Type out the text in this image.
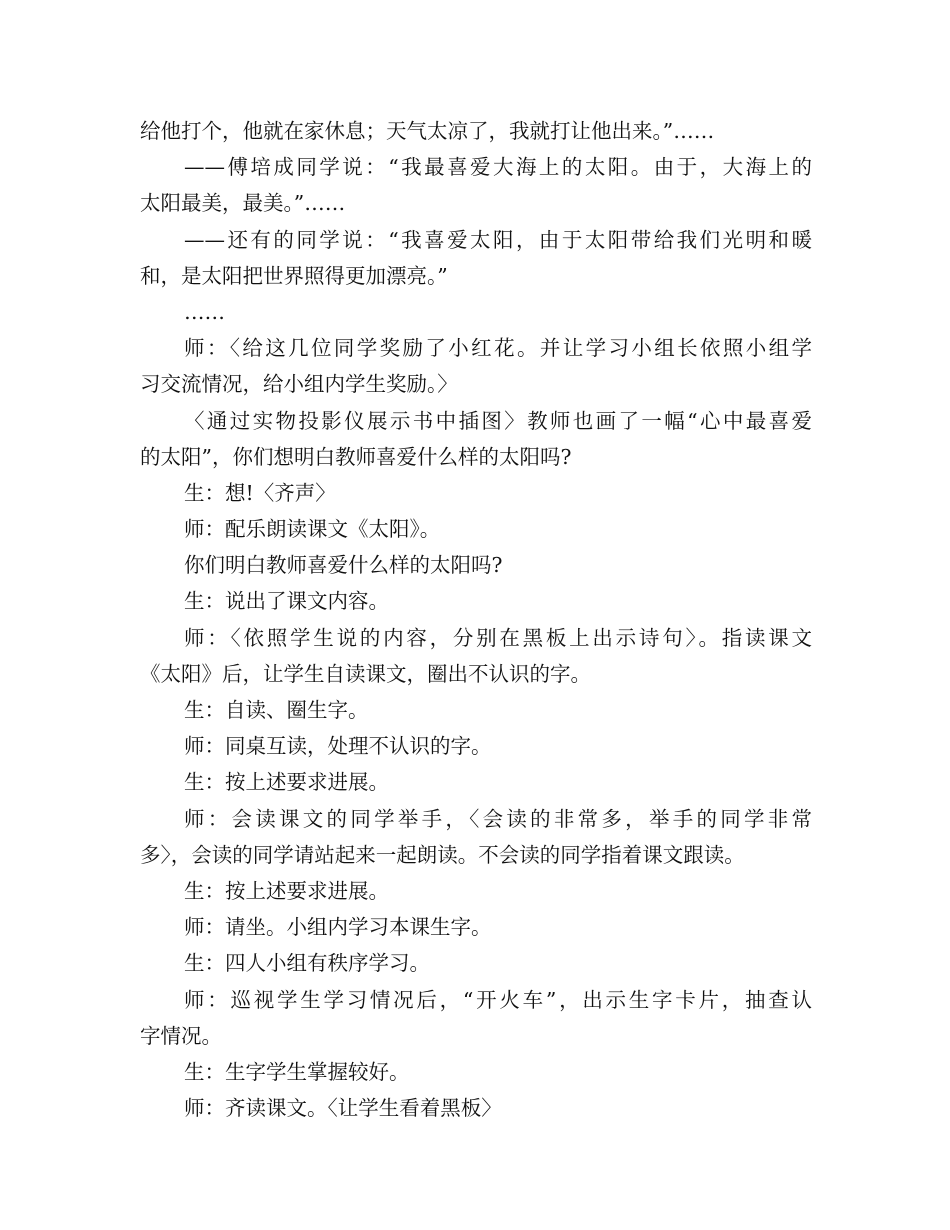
给他打个，他就在家休息；天气太凉了，我就打让他出来。”……
——傅培成同学说：“我最喜爱大海上的太阳。由于，大海上的
太阳最美，最美。”……
——还有的同学说：“我喜爱太阳，由于太阳带给我们光明和暖
和，是太阳把世界照得更加漂亮。”
……
师：〈给这几位同学奖励了小红花。并让学习小组长依照小组学
习交流情况，给小组内学生奖励。〉
〈通过实物投影仪展示书中插图〉教师也画了一幅“心中最喜爱
的太阳”，你们想明白教师喜爱什么样的太阳吗?
生：想!〈齐声〉
师：配乐朗读课文《太阳》。
你们明白教师喜爱什么样的太阳吗?
生：说出了课文内容。
师：〈依照学生说的内容，分别在黑板上出示诗句〉。指读课文
《太阳》后，让学生自读课文，圈出不认识的字。
生：自读、圈生字。
师：同桌互读，处理不认识的字。
生：按上述要求进展。
师：会读课文的同学举手，〈会读的非常多，举手的同学非常
多〉，会读的同学请站起来一起朗读。不会读的同学指着课文跟读。
生：按上述要求进展。
师：请坐。小组内学习本课生字。
生：四人小组有秩序学习。
师：巡视学生学习情况后，“开火车”，出示生字卡片，抽查认
字情况。
生：生字学生掌握较好。
师：齐读课文。〈让学生看着黑板〉
